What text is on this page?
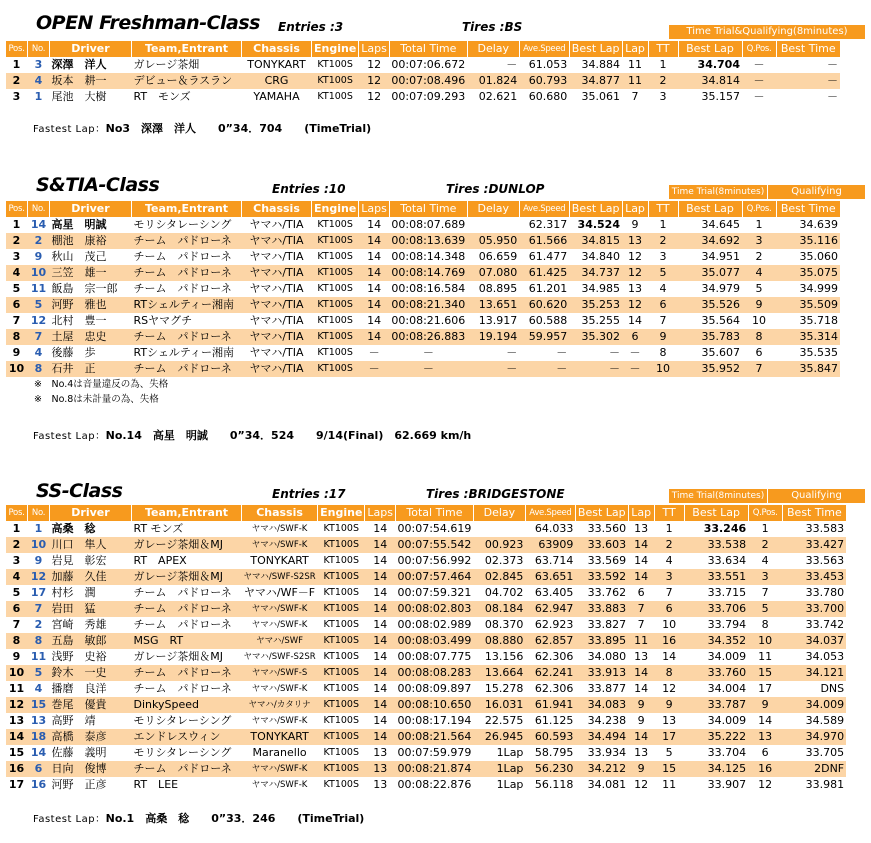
OPEN Freshman-Class Entries :3	Tires :BS	Time Trial&Qualifying(8minutes)
Pos.	No.	Driver	Team,Entrant	Chassis	Engine	Laps	Total Time	Delay	Ave.Speed	Best Lap	Lap	TT	Best Lap	Q.Pos.	Best Time
1	3	深澤　洋人	ガレージ茶畑	TONYKART	KT100S	12	00:07:06.672	－	61.053	34.884	11	1	34.704	－	－
2	4	坂本　耕一	デビュー＆ラスラン	CRG	KT100S	12	00:07:08.496	01.824	60.793	34.877	11	2	34.814	－	－
3	1	尾池　大樹	RT　モンズ	YAMAHA	KT100S	12	00:07:09.293	02.621	60.680	35.061	7	3	35.157	－	－
Fastest Lap：No3　 深澤　洋人　　 0”34．704　　 (TimeTrial)
S&TIA-Class	Entries :10	Tires :DUNLOP	Time Trial(8minutes)	Qualifying
Pos.	No.	Driver	Team,Entrant	Chassis	Engine	Laps	Total Time	Delay	Ave.Speed	Best Lap	Lap	TT	Best Lap	Q.Pos.	Best Time
1	14	高星　明誠	モリシタレーシング	ヤマハ/TIA	KT100S	14	00:08:07.689		62.317	34.524	9	1	34.645	1	34.639
2	2	棚池　康裕	チーム　パドローネ	ヤマハ/TIA	KT100S	14	00:08:13.639	05.950	61.566	34.815	13	2	34.692	3	35.116
3	9	秋山　茂己	チーム　パドローネ	ヤマハ/TIA	KT100S	14	00:08:14.348	06.659	61.477	34.840	12	3	34.951	2	35.060
4	10	三笠　雄一	チーム　パドローネ	ヤマハ/TIA	KT100S	14	00:08:14.769	07.080	61.425	34.737	12	5	35.077	4	35.075
5	11	飯島　宗一郎	チーム　パドローネ	ヤマハ/TIA	KT100S	14	00:08:16.584	08.895	61.201	34.985	13	4	34.979	5	34.999
6	5	河野　雅也	RTシェルティー湘南	ヤマハ/TIA	KT100S	14	00:08:21.340	13.651	60.620	35.253	12	6	35.526	9	35.509
7	12	北村　豊一	RSヤマグチ	ヤマハ/TIA	KT100S	14	00:08:21.606	13.917	60.588	35.255	14	7	35.564	10	35.718
8	7	土屋　忠史	チーム　パドローネ	ヤマハ/TIA	KT100S	14	00:08:26.883	19.194	59.957	35.302	6	9	35.783	8	35.314
9	4	後藤　歩	RTシェルティー湘南	ヤマハ/TIA	KT100S	－	－	－	－	－	－	8	35.607	6	35.535
10	8	石井　正	チーム　パドローネ	ヤマハ/TIA	KT100S	－	－	－	－	－	－	10	35.952	7	35.847
※　No.4は音量違反の為、失格
※　No.8は未計量の為、失格
Fastest Lap：No.14　 高星　明誠　　 0”34．524　　 9/14(Final)　62.669 km/h
SS-Class	Entries :17	Tires :BRIDGESTONE	Time Trial(8minutes)	Qualifying
Pos.	No.	Driver	Team,Entrant	Chassis	Engine	Laps	Total Time	Delay	Ave.Speed	Best Lap	Lap	TT	Best Lap	Q.Pos.	Best Time
1	1	高桑　稔	RT モンズ	ヤマハ/SWF-K	KT100S	14	00:07:54.619		64.033	33.560	13	1	33.246	1	33.583
2	10	川口　隼人	ガレージ茶畑＆MJ	ヤマハ/SWF-K	KT100S	14	00:07:55.542	00.923	63909	33.603	14	2	33.538	2	33.427
3	9	岩見　彰宏	RT　APEX	TONYKART	KT100S	14	00:07:56.992	02.373	63.714	33.569	14	4	33.634	4	33.563
4	12	加藤　久佳	ガレージ茶畑＆MJ	ヤマハ/SWF-S2SR	KT100S	14	00:07:57.464	02.845	63.651	33.592	14	3	33.551	3	33.453
5	17	村杉　潤	チーム　パドローネ	ヤマハ/WF－F	KT100S	14	00:07:59.321	04.702	63.405	33.762	6	7	33.715	7	33.780
6	7	岩田　猛	チーム　パドローネ	ヤマハ/SWF-K	KT100S	14	00:08:02.803	08.184	62.947	33.883	7	6	33.706	5	33.700
7	2	宮崎　秀雄	チーム　パドローネ	ヤマハ/SWF-K	KT100S	14	00:08:02.989	08.370	62.923	33.827	7	10	33.794	8	33.742
8	8	五島　敏郎	MSG　RT	ヤマハ/SWF	KT100S	14	00:08:03.499	08.880	62.857	33.895	11	16	34.352	10	34.037
9	11	浅野　史裕	ガレージ茶畑＆MJ	ヤマハ/SWF-S2SR	KT100S	14	00:08:07.775	13.156	62.306	34.080	13	14	34.009	11	34.053
10	5	鈴木　一史	チーム　パドローネ	ヤマハ/SWF-S	KT100S	14	00:08:08.283	13.664	62.241	33.913	14	8	33.760	15	34.121
11	4	播磨　良洋	チーム　パドローネ	ヤマハ/SWF-K	KT100S	14	00:08:09.897	15.278	62.306	33.877	14	12	34.004	17	DNS
12	15	巻尾　優貴	DinkySpeed	ヤマハ/カタリナ	KT100S	14	00:08:10.650	16.031	61.941	34.083	9	9	33.787	9	34.009
13	13	高野　靖	モリシタレーシング	ヤマハ/SWF-K	KT100S	14	00:08:17.194	22.575	61.125	34.238	9	13	34.009	14	34.589
14	18	高橋　泰彦	エンドレスウィン	TONYKART	KT100S	14	00:08:21.564	26.945	60.593	34.494	14	17	35.222	13	34.970
15	14	佐藤　義明	モリシタレーシング	Maranello	KT100S	13	00:07:59.979	1Lap	58.795	33.934	13	5	33.704	6	33.705
16	6	日向　俊博	チーム　パドローネ	ヤマハ/SWF-K	KT100S	13	00:08:21.874	1Lap	56.230	34.212	9	15	34.125	16	2DNF
17	16	河野　正彦	RT　LEE	ヤマハ/SWF-K	KT100S	13	00:08:22.876	1Lap	56.118	34.081	12	11	33.907	12	33.981
Fastest Lap：No.1　 高桑　稔　　 0”33．246　　 (TimeTrial)
